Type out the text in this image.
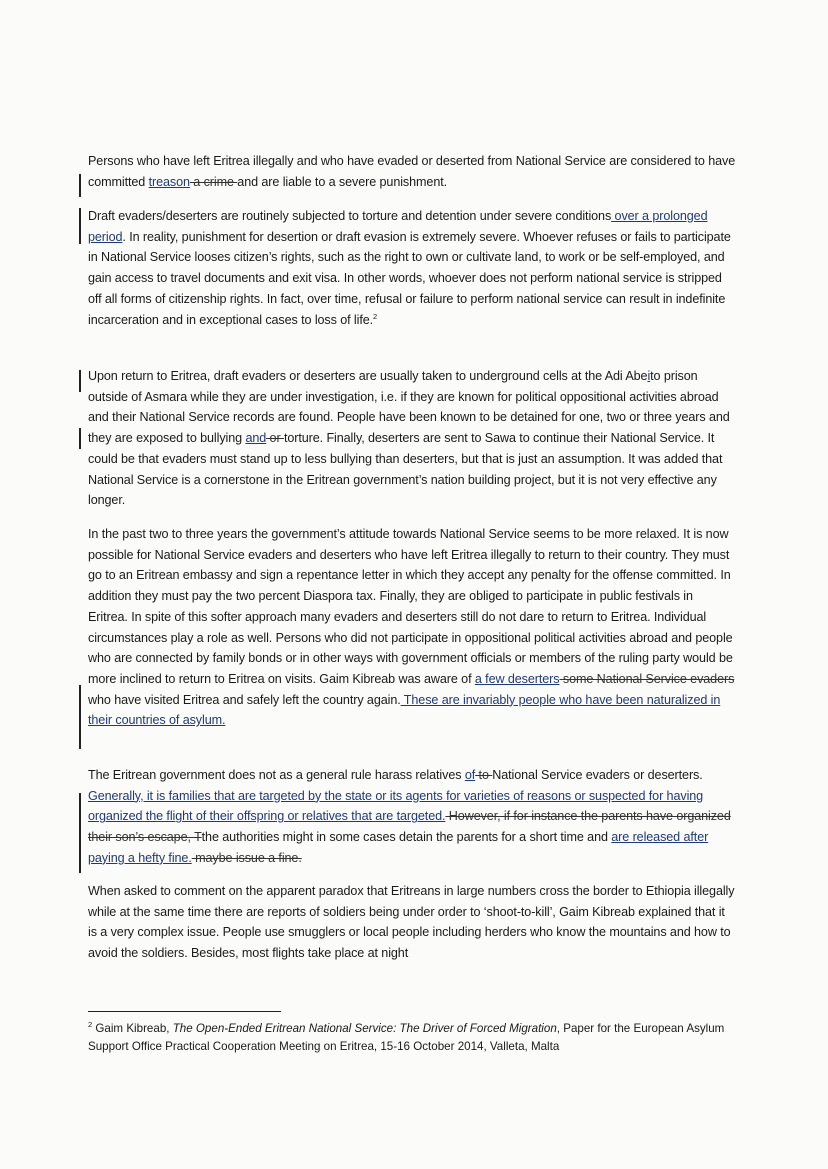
Persons who have left Eritrea illegally and who have evaded or deserted from National Service are considered to have committed treason a crime and are liable to a severe punishment.

Draft evaders/deserters are routinely subjected to torture and detention under severe conditions over a prolonged period. In reality, punishment for desertion or draft evasion is extremely severe. Whoever refuses or fails to participate in National Service looses citizen’s rights, such as the right to own or cultivate land, to work or be self-employed, and gain access to travel documents and exit visa. In other words, whoever does not perform national service is stripped off all forms of citizenship rights. In fact, over time, refusal or failure to perform national service can result in indefinite incarceration and in exceptional cases to loss of life.$^2$

Upon return to Eritrea, draft evaders or deserters are usually taken to underground cells at the Adi Abeito prison outside of Asmara while they are under investigation, i.e. if they are known for political oppositional activities abroad and their National Service records are found. People have been known to be detained for one, two or three years and they are exposed to bullying and or torture. Finally, deserters are sent to Sawa to continue their National Service. It could be that evaders must stand up to less bullying than deserters, but that is just an assumption. It was added that National Service is a cornerstone in the Eritrean government’s nation building project, but it is not very effective any longer.

In the past two to three years the government’s attitude towards National Service seems to be more relaxed. It is now possible for National Service evaders and deserters who have left Eritrea illegally to return to their country. They must go to an Eritrean embassy and sign a repentance letter in which they accept any penalty for the offense committed. In addition they must pay the two percent Diaspora tax. Finally, they are obliged to participate in public festivals in Eritrea. In spite of this softer approach many evaders and deserters still do not dare to return to Eritrea. Individual circumstances play a role as well. Persons who did not participate in oppositional political activities abroad and people who are connected by family bonds or in other ways with government officials or members of the ruling party would be more inclined to return to Eritrea on visits. Gaim Kibreab was aware of a few deserters some National Service evaders who have visited Eritrea and safely left the country again. These are invariably people who have been naturalized in their countries of asylum.

The Eritrean government does not as a general rule harass relatives of to National Service evaders or deserters. Generally, it is families that are targeted by the state or its agents for varieties of reasons or suspected for having organized the flight of their offspring or relatives that are targeted. However, if for instance the parents have organized their son’s escape, Tthe authorities might in some cases detain the parents for a short time and are released after paying a hefty fine. maybe issue a fine.

When asked to comment on the apparent paradox that Eritreans in large numbers cross the border to Ethiopia illegally while at the same time there are reports of soldiers being under order to ‘shoot-to-kill’, Gaim Kibreab explained that it is a very complex issue. People use smugglers or local people including herders who know the mountains and how to avoid the soldiers. Besides, most flights take place at night

$^2$ Gaim Kibreab, The Open-Ended Eritrean National Service: The Driver of Forced Migration, Paper for the European Asylum Support Office Practical Cooperation Meeting on Eritrea, 15-16 October 2014, Valleta, Malta
